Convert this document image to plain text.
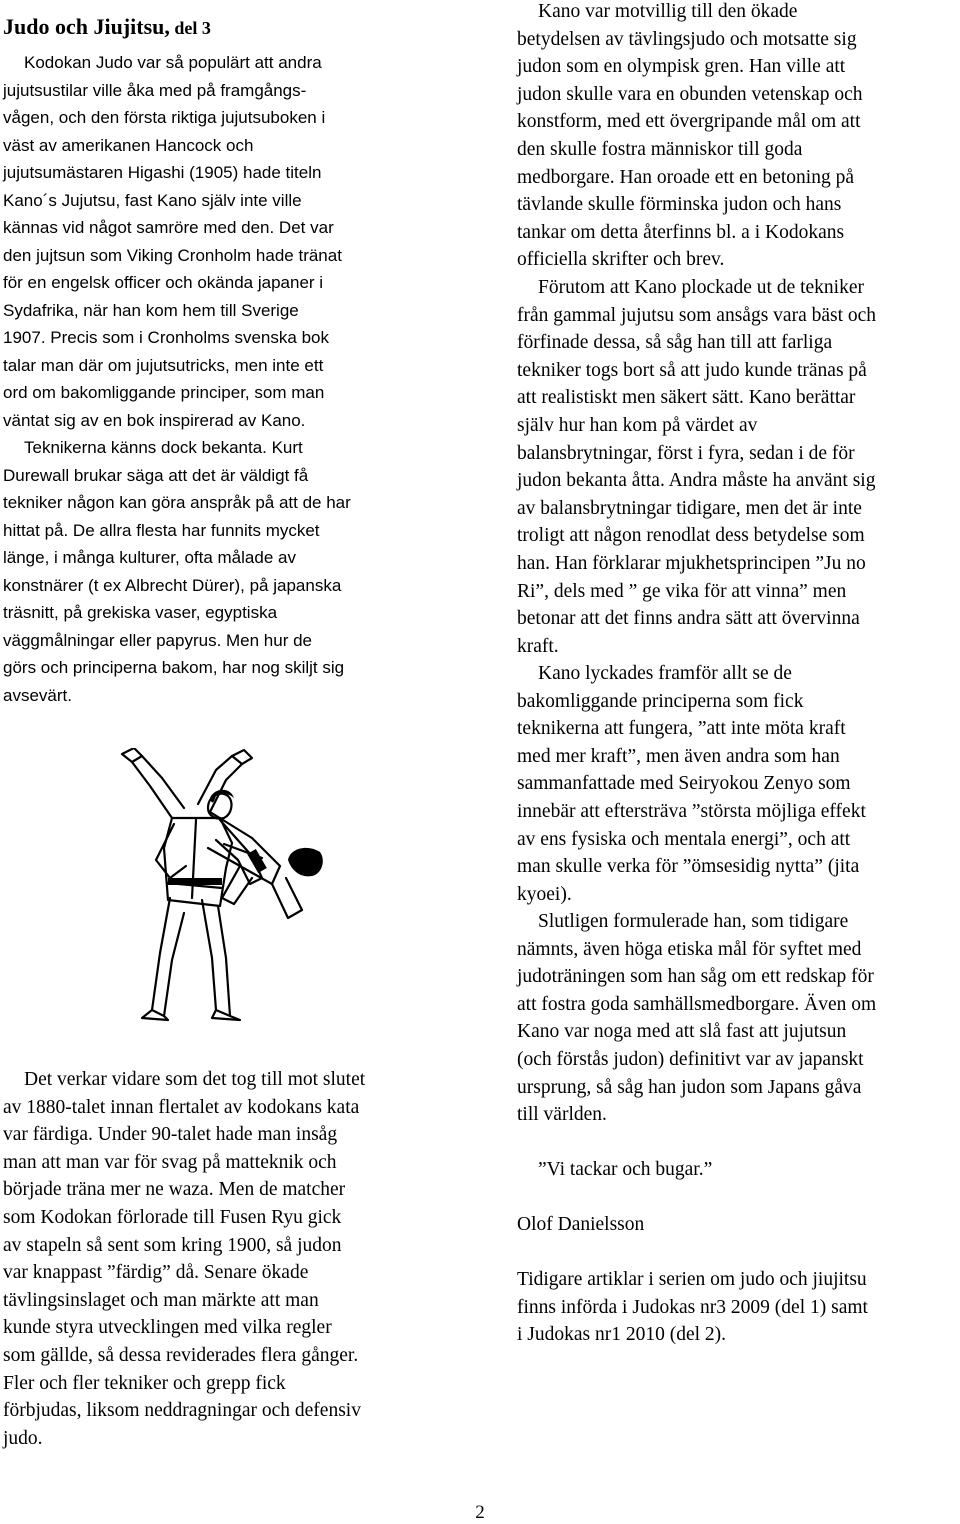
Judo och Jiujitsu, del 3

Kodokan Judo var så populärt att andra
jujutsustilar ville åka med på framgångs-
vågen, och den första riktiga jujutsuboken i
väst av amerikanen Hancock och
jujutsumästaren Higashi (1905) hade titeln
Kano´s Jujutsu, fast Kano själv inte ville
kännas vid något samröre med den. Det var
den jujtsun som Viking Cronholm hade tränat
för en engelsk officer och okända japaner i
Sydafrika, när han kom hem till Sverige
1907. Precis som i Cronholms svenska bok
talar man där om jujutsutricks, men inte ett
ord om bakomliggande principer, som man
väntat sig av en bok inspirerad av Kano.

Teknikerna känns dock bekanta. Kurt
Durewall brukar säga att det är väldigt få
tekniker någon kan göra anspråk på att de har
hittat på. De allra flesta har funnits mycket
länge, i många kulturer, ofta målade av
konstnärer (t ex Albrecht Dürer), på japanska
träsnitt, på grekiska vaser, egyptiska
väggmålningar eller papyrus. Men hur de
görs och principerna bakom, har nog skiljt sig
avsevärt.

Det verkar vidare som det tog till mot slutet
av 1880-talet innan flertalet av kodokans kata
var färdiga. Under 90-talet hade man insåg
man att man var för svag på matteknik och
började träna mer ne waza. Men de matcher
som Kodokan förlorade till Fusen Ryu gick
av stapeln så sent som kring 1900, så judon
var knappast ”färdig” då. Senare ökade
tävlingsinslaget och man märkte att man
kunde styra utvecklingen med vilka regler
som gällde, så dessa reviderades flera gånger.
Fler och fler tekniker och grepp fick
förbjudas, liksom neddragningar och defensiv
judo.

Kano var motvillig till den ökade
betydelsen av tävlingsjudo och motsatte sig
judon som en olympisk gren. Han ville att
judon skulle vara en obunden vetenskap och
konstform, med ett övergripande mål om att
den skulle fostra människor till goda
medborgare. Han oroade ett en betoning på
tävlande skulle förminska judon och hans
tankar om detta återfinns bl. a i Kodokans
officiella skrifter och brev.

Förutom att Kano plockade ut de tekniker
från gammal jujutsu som ansågs vara bäst och
förfinade dessa, så såg han till att farliga
tekniker togs bort så att judo kunde tränas på
att realistiskt men säkert sätt. Kano berättar
själv hur han kom på värdet av
balansbrytningar, först i fyra, sedan i de för
judon bekanta åtta. Andra måste ha använt sig
av balansbrytningar tidigare, men det är inte
troligt att någon renodlat dess betydelse som
han. Han förklarar mjukhetsprincipen ”Ju no
Ri”, dels med ” ge vika för att vinna” men
betonar att det finns andra sätt att övervinna
kraft.

Kano lyckades framför allt se de
bakomliggande principerna som fick
teknikerna att fungera, ”att inte möta kraft
med mer kraft”, men även andra som han
sammanfattade med Seiryokou Zenyo som
innebär att eftersträva ”största möjliga effekt
av ens fysiska och mentala energi”, och att
man skulle verka för ”ömsesidig nytta” (jita
kyoei).

Slutligen formulerade han, som tidigare
nämnts, även höga etiska mål för syftet med
judoträningen som han såg om ett redskap för
att fostra goda samhällsmedborgare. Även om
Kano var noga med att slå fast att jujutsun
(och förstås judon) definitivt var av japanskt
ursprung, så såg han judon som Japans gåva
till världen.

”Vi tackar och bugar.”

Olof Danielsson

Tidigare artiklar i serien om judo och jiujitsu
finns införda i Judokas nr3 2009 (del 1) samt
i Judokas nr1 2010 (del 2).

2
